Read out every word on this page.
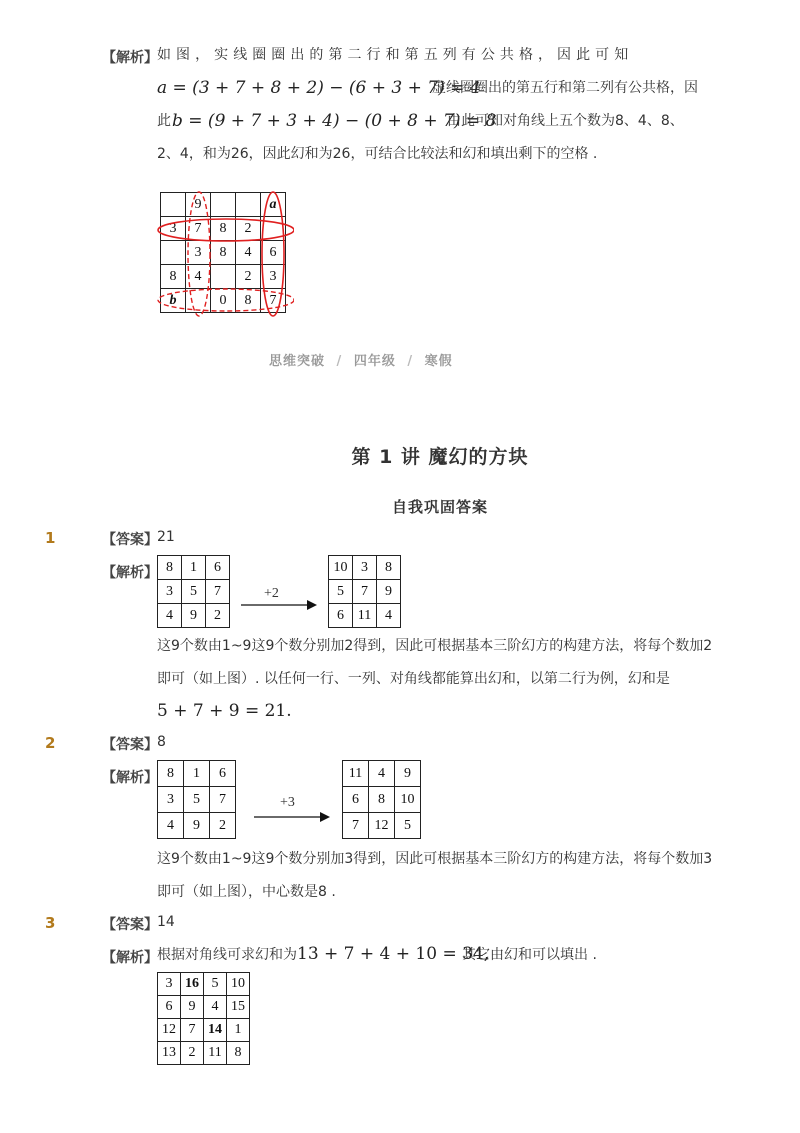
【解析】 如 图 ， 实 线 圈 圈 出 的 第 二 行 和 第 五 列 有 公 共 格 ， 因 此 可 知
a = (3 + 7 + 8 + 2) − (6 + 3 + 7) = 4
虚线圈圈出的第五行和第二列有公共格，因
此 b = (9 + 7 + 3 + 4) − (0 + 8 + 7) = 8
由此可知对角线上五个数为8、4、8、
2、4，和为26，因此幻和为26，可结合比较法和幻和填出剩下的空格 .
	9			a
3	7	8	2	
	3	8	4	6
8	4		2	3
b		0	8	7
思维突破 / 四年级 / 寒假
第 1 讲 魔幻的方块
自我巩固答案
1	【答案】 21
【解析】 8	1	6
3	5	7
4	9	2
+2
10	3	8
5	7	9
6	11	4
这9个数由1~9这9个数分别加2得到，因此可根据基本三阶幻方的构建方法，将每个数加2
即可（如上图）. 以任何一行、一列、对角线都能算出幻和，以第二行为例，幻和是
5 + 7 + 9 = 21.
2	【答案】 8
【解析】 8	1	6
3	5	7
4	9	2
+3
11	4	9
6	8	10
7	12	5
这9个数由1~9这9个数分别加3得到，因此可根据基本三阶幻方的构建方法，将每个数加3
即可（如上图），中心数是8 .
3	【答案】 14
【解析】 根据对角线可求幻和为 13 + 7 + 4 + 10 = 34,
其它由幻和可以填出 .
3	16	5	10
6	9	4	15
12	7	14	1
13	2	11	8
